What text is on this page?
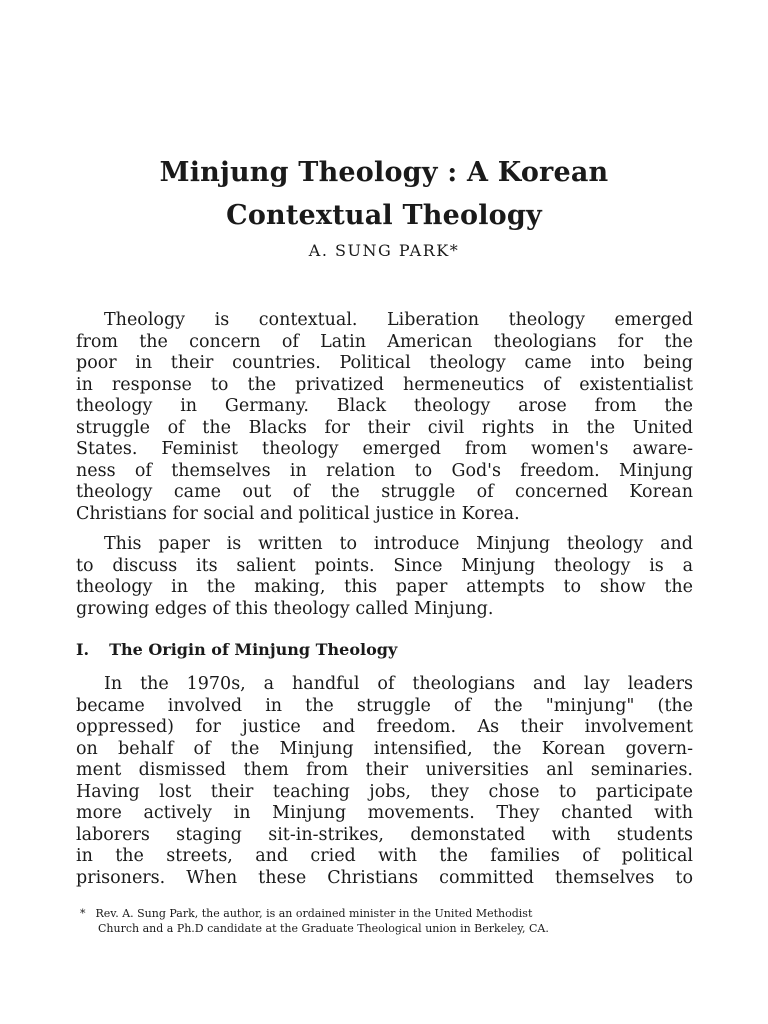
Minjung Theology : A Korean
Contextual Theology
A. SUNG PARK*
Theology is contextual. Liberation theology emerged
from the concern of Latin American theologians for the
poor in their countries. Political theology came into being
in response to the privatized hermeneutics of existentialist
theology in Germany. Black theology arose from the
struggle of the Blacks for their civil rights in the United
States. Feminist theology emerged from women's aware-
ness of themselves in relation to God's freedom. Minjung
theology came out of the struggle of concerned Korean
Christians for social and political justice in Korea.
This paper is written to introduce Minjung theology and
to discuss its salient points. Since Minjung theology is a
theology in the making, this paper attempts to show the
growing edges of this theology called Minjung.
I. The Origin of Minjung Theology
In the 1970s, a handful of theologians and lay leaders
became involved in the struggle of the "minjung" (the
oppressed) for justice and freedom. As their involvement
on behalf of the Minjung intensified, the Korean govern-
ment dismissed them from their universities anl seminaries.
Having lost their teaching jobs, they chose to participate
more actively in Minjung movements. They chanted with
laborers staging sit-in-strikes, demonstated with students
in the streets, and cried with the families of political
prisoners. When these Christians committed themselves to
* Rev. A. Sung Park, the author, is an ordained minister in the United Methodist
Church and a Ph.D candidate at the Graduate Theological union in Berkeley, CA.
